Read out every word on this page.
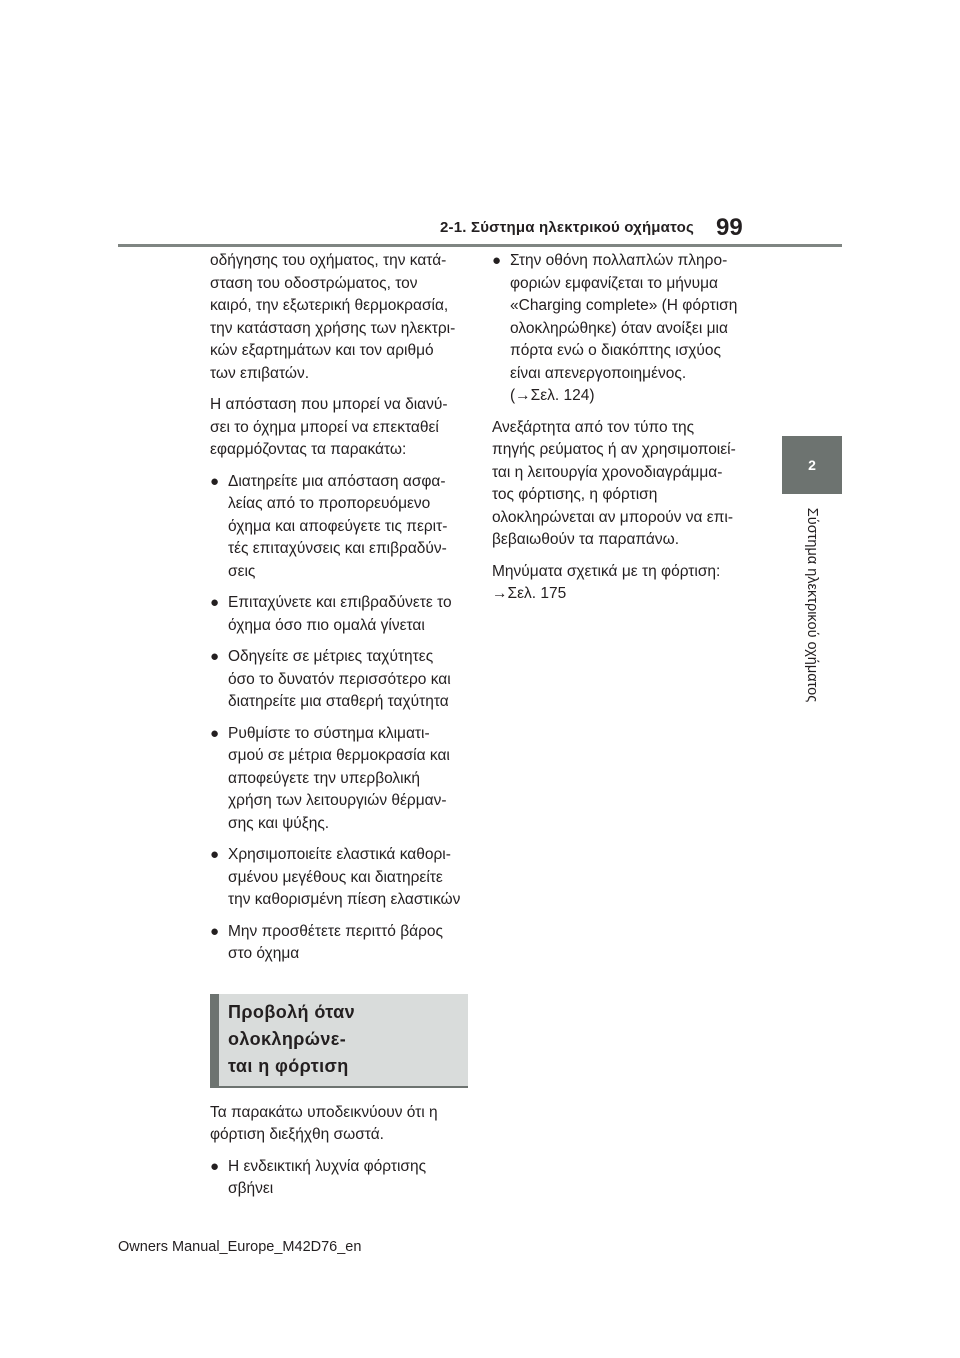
2-1. Σύστημα ηλεκτρικού οχήματος 99
2
Σύστημα ηλεκτρικού οχήματος

οδήγησης του οχήματος, την κατά-
σταση του οδοστρώματος, τον
καιρό, την εξωτερική θερμοκρασία,
την κατάσταση χρήσης των ηλεκτρι-
κών εξαρτημάτων και τον αριθμό
των επιβατών.

Η απόσταση που μπορεί να διανύ-
σει το όχημα μπορεί να επεκταθεί
εφαρμόζοντας τα παρακάτω:

● Διατηρείτε μια απόσταση ασφα-
λείας από το προπορευόμενο
όχημα και αποφεύγετε τις περιτ-
τές επιταχύνσεις και επιβραδύν-
σεις
● Επιταχύνετε και επιβραδύνετε το
όχημα όσο πιο ομαλά γίνεται
● Οδηγείτε σε μέτριες ταχύτητες
όσο το δυνατόν περισσότερο και
διατηρείτε μια σταθερή ταχύτητα
● Ρυθμίστε το σύστημα κλιματι-
σμού σε μέτρια θερμοκρασία και
αποφεύγετε την υπερβολική
χρήση των λειτουργιών θέρμαν-
σης και ψύξης.
● Χρησιμοποιείτε ελαστικά καθορι-
σμένου μεγέθους και διατηρείτε
την καθορισμένη πίεση ελαστικών
● Μην προσθέτετε περιττό βάρος
στο όχημα
Προβολή όταν ολοκληρώνε-
ται η φόρτιση

Τα παρακάτω υποδεικνύουν ότι η
φόρτιση διεξήχθη σωστά.

● Η ενδεικτική λυχνία φόρτισης
σβήνει
● Στην οθόνη πολλαπλών πληρο-
φοριών εμφανίζεται το μήνυμα
«Charging complete» (Η φόρτιση
ολοκληρώθηκε) όταν ανοίξει μια
πόρτα ενώ ο διακόπτης ισχύος
είναι απενεργοποιημένος.
(→Σελ. 124)

Ανεξάρτητα από τον τύπο της
πηγής ρεύματος ή αν χρησιμοποιεί-
ται η λειτουργία χρονοδιαγράμμα-
τος φόρτισης, η φόρτιση
ολοκληρώνεται αν μπορούν να επι-
βεβαιωθούν τα παραπάνω.

Μηνύματα σχετικά με τη φόρτιση:
→Σελ. 175

Owners Manual_Europe_M42D76_en
